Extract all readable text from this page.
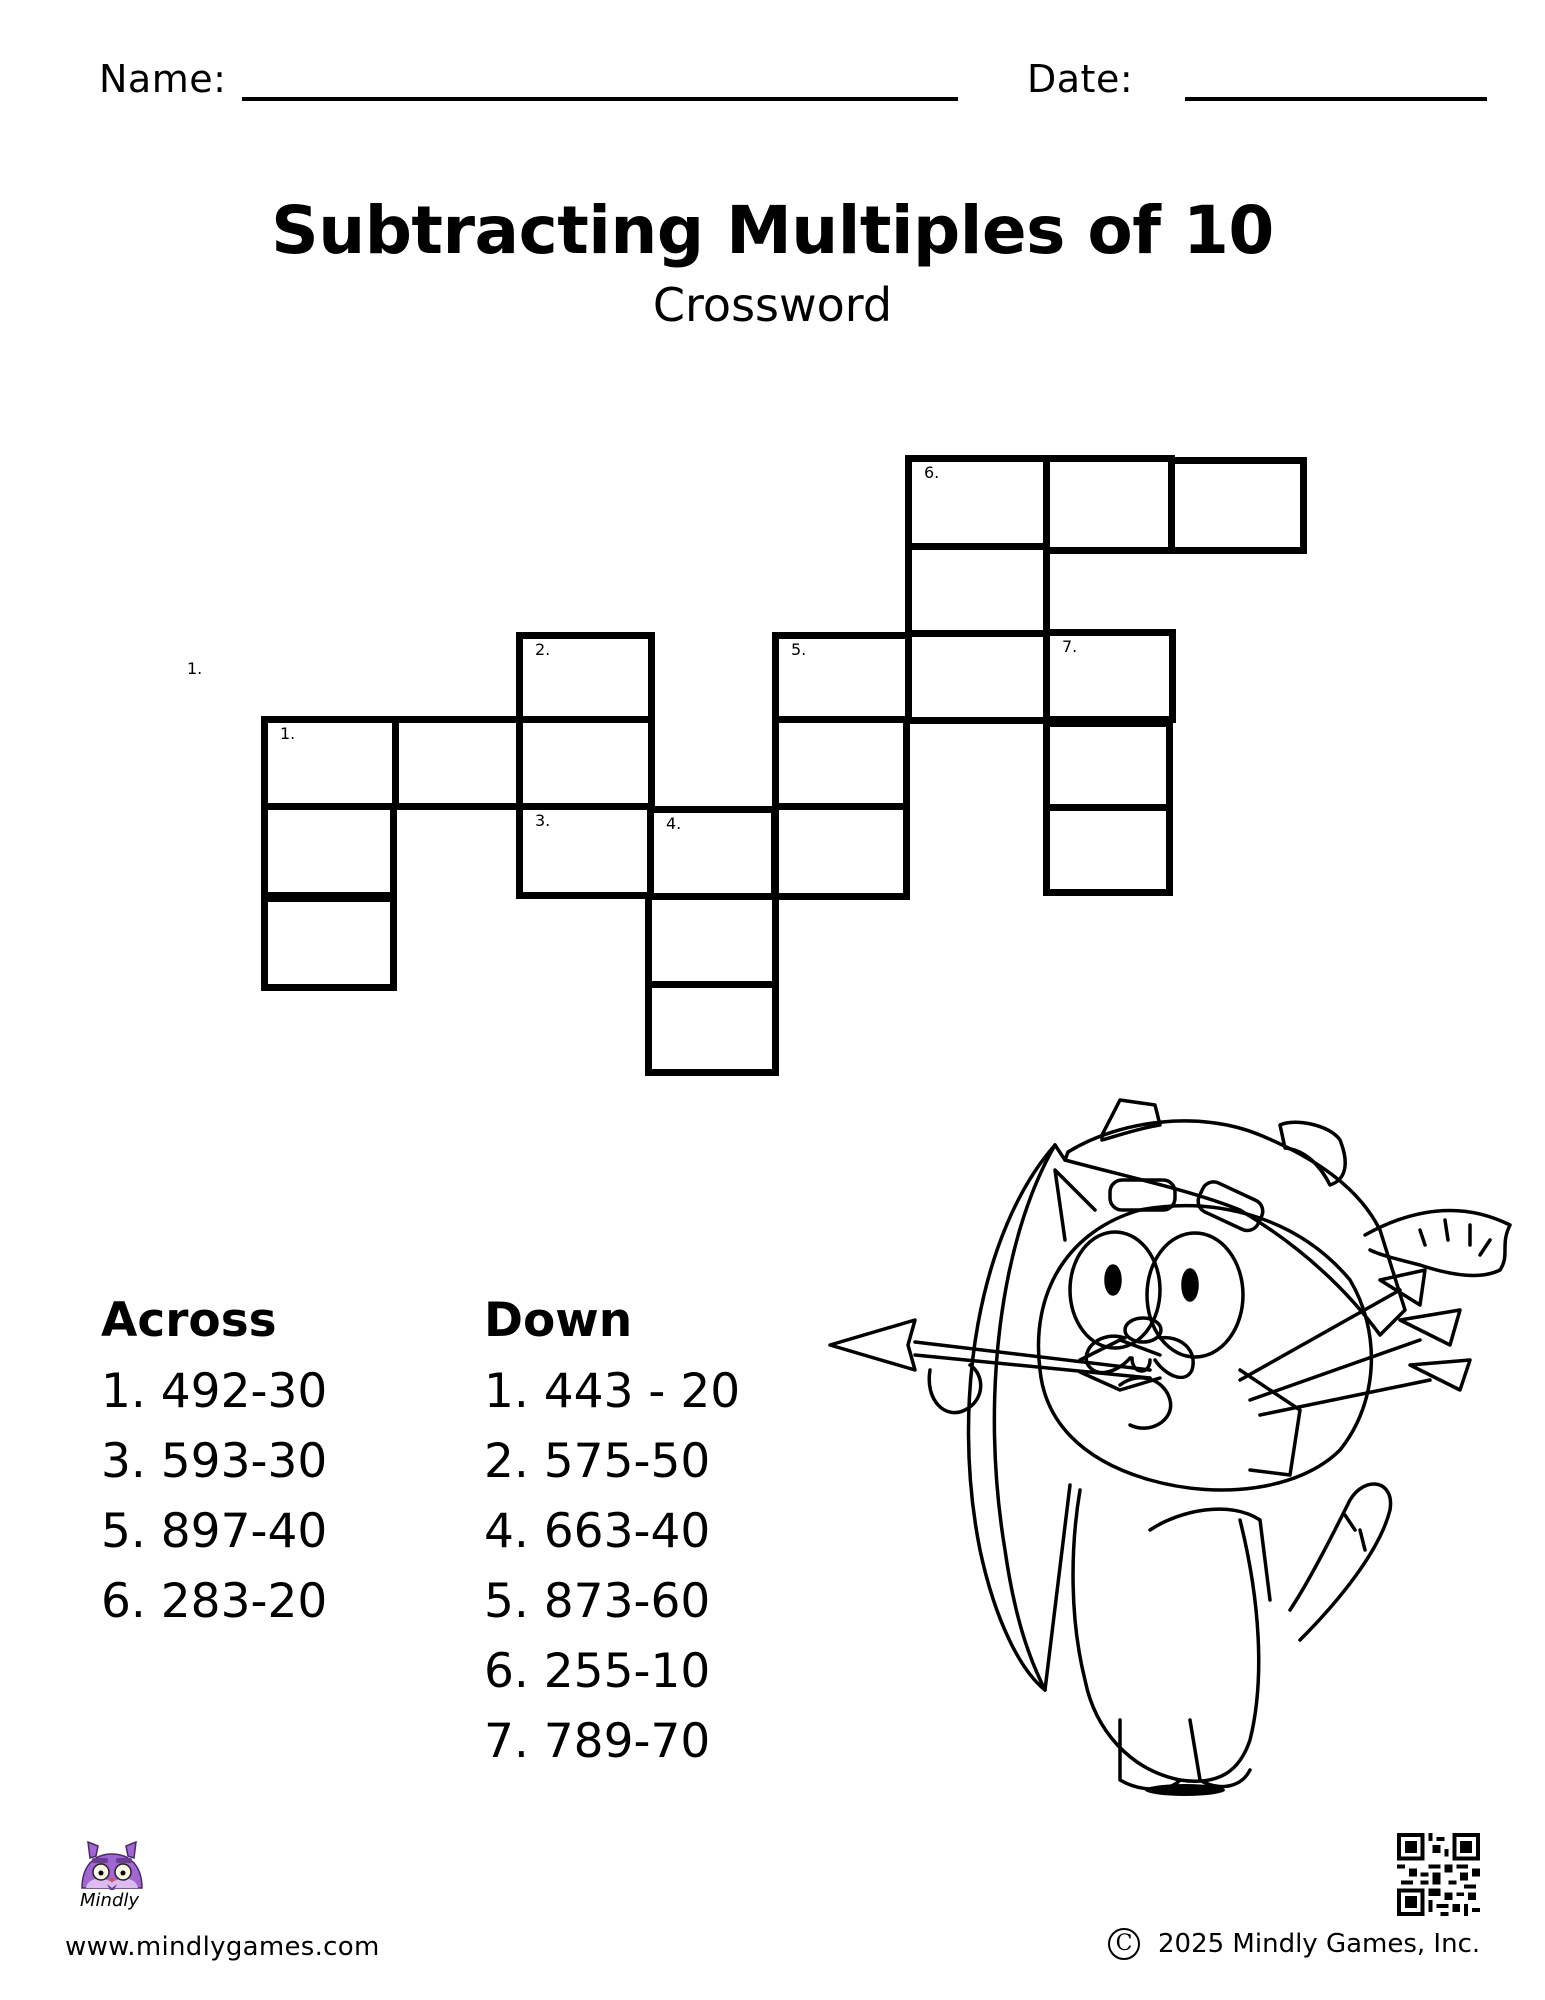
Name:	Date:
Subtracting Multiples of 10
Crossword
1.
6.
2.	5.	7.
1.
3.	4.
Across
1. 492-30
3. 593-30
5. 897-40
6. 283-20
Down
1. 443 - 20
2. 575-50
4. 663-40
5. 873-60
6. 255-10
7. 789-70
Mindly
www.mindlygames.com	C 2025 Mindly Games, Inc.
